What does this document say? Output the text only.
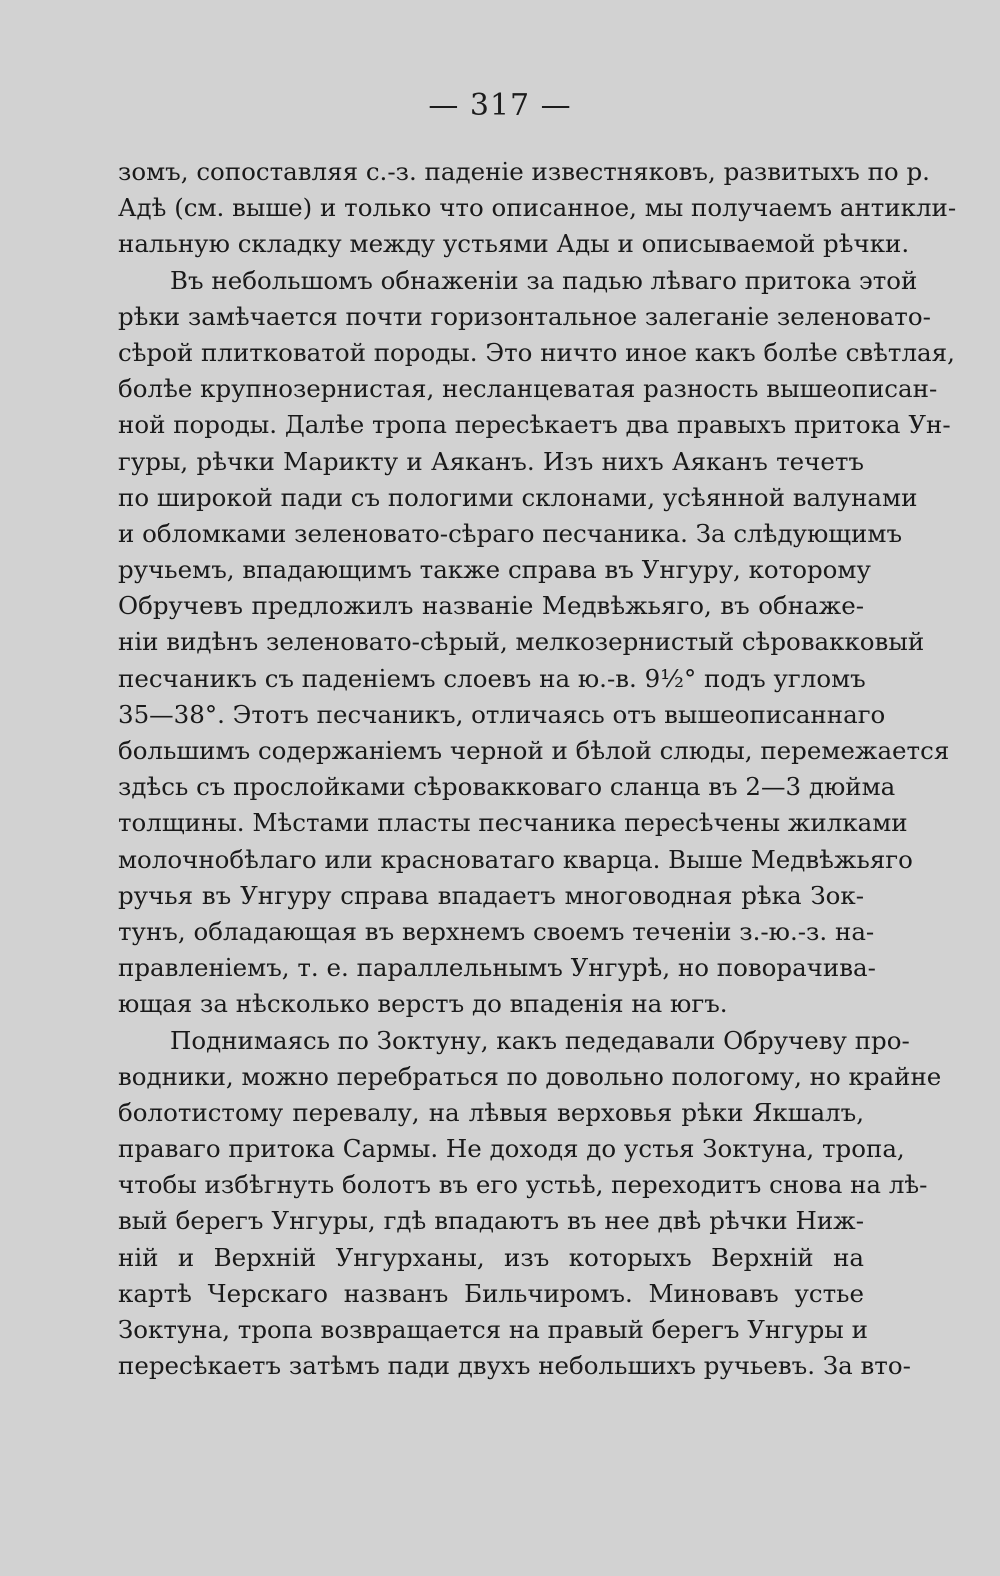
— 317 —
зомъ, сопоставляя с.-з. паденіе известняковъ, развитыхъ по р.
Адѣ (см. выше) и только что описанное, мы получаемъ антикли-
нальную складку между устьями Ады и описываемой рѣчки.
Въ небольшомъ обнаженіи за падью лѣваго притока этой
рѣки замѣчается почти горизонтальное залеганіе зеленовато-
сѣрой плитковатой породы. Это ничто иное какъ болѣе свѣтлая,
болѣе крупнозернистая, несланцеватая разность вышеописан-
ной породы. Далѣе тропа пересѣкаетъ два правыхъ притока Ун-
гуры, рѣчки Марикту и Аяканъ. Изъ нихъ Аяканъ течетъ
по широкой пади съ пологими склонами, усѣянной валунами
и обломками зеленовато-сѣраго песчаника. За слѣдующимъ
ручьемъ, впадающимъ также справа въ Унгуру, которому
Обручевъ предложилъ названіе Медвѣжьяго, въ обнаже-
ніи видѣнъ зеленовато-сѣрый, мелкозернистый сѣровакковый
песчаникъ съ паденіемъ слоевъ на ю.-в. 9½° подъ угломъ
35—38°. Этотъ песчаникъ, отличаясь отъ вышеописаннаго
большимъ содержаніемъ черной и бѣлой слюды, перемежается
здѣсь съ прослойками сѣровакковаго сланца въ 2—3 дюйма
толщины. Мѣстами пласты песчаника пересѣчены жилками
молочнобѣлаго или красноватаго кварца. Выше Медвѣжьяго
ручья въ Унгуру справа впадаетъ многоводная рѣка Зок-
тунъ, обладающая въ верхнемъ своемъ теченіи з.-ю.-з. на-
правленіемъ, т. е. параллельнымъ Унгурѣ, но поворачива-
ющая за нѣсколько верстъ до впаденія на югъ.
Поднимаясь по Зоктуну, какъ педедавали Обручеву про-
водники, можно перебраться по довольно пологому, но крайне
болотистому перевалу, на лѣвыя верховья рѣки Якшалъ,
праваго притока Сармы. Не доходя до устья Зоктуна, тропа,
чтобы избѣгнуть болотъ въ его устьѣ, переходитъ снова на лѣ-
вый берегъ Унгуры, гдѣ впадаютъ въ нее двѣ рѣчки Ниж-
ній и Верхній Унгурханы, изъ которыхъ Верхній на
картѣ Черскаго названъ Бильчиромъ. Миновавъ устье
Зоктуна, тропа возвращается на правый берегъ Унгуры и
пересѣкаетъ затѣмъ пади двухъ небольшихъ ручьевъ. За вто-
